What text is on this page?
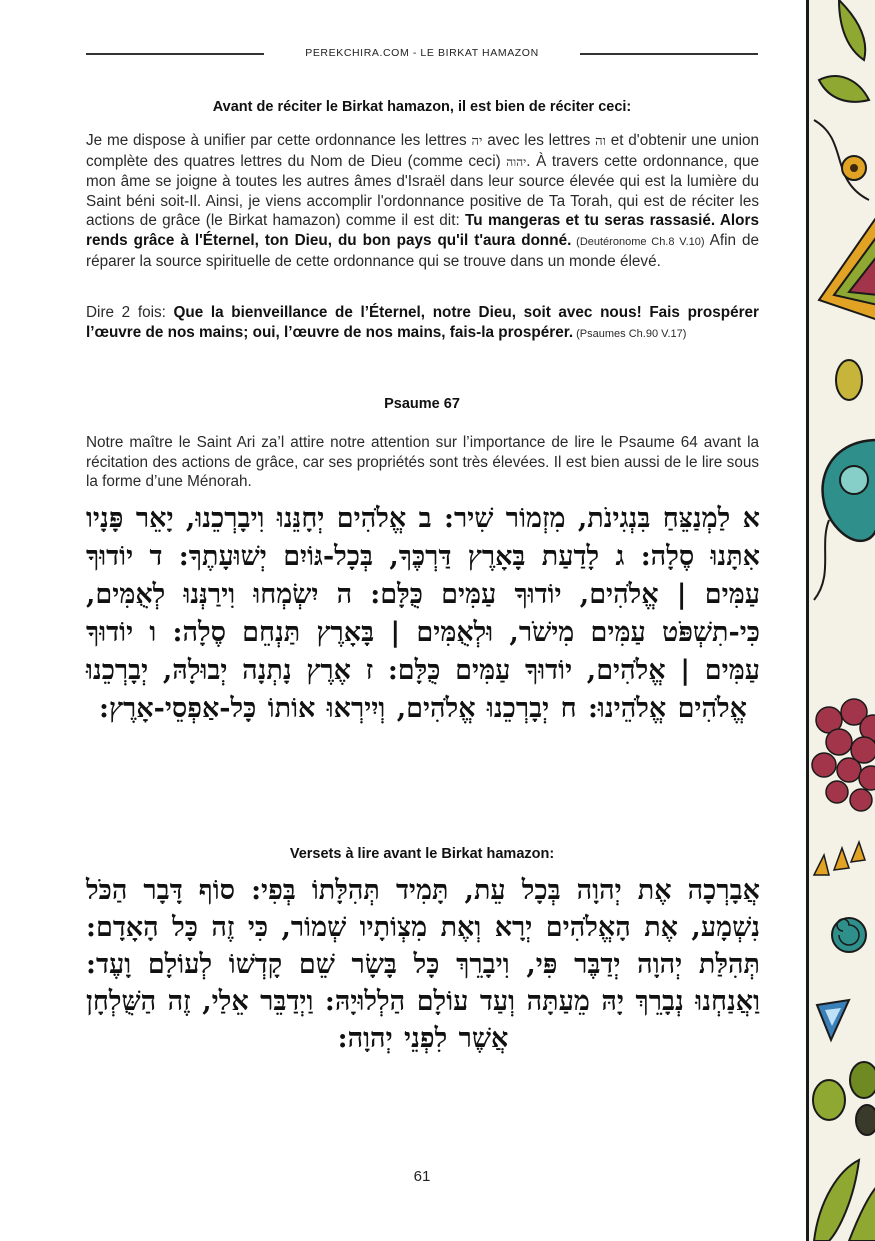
PEREKCHIRA.COM - LE BIRKAT HAMAZON
Avant de réciter le Birkat hamazon, il est bien de réciter ceci:
Je me dispose à unifier par cette ordonnance les lettres יה avec les lettres וה et d'obtenir une union complète des quatres lettres du Nom de Dieu (comme ceci) יהוה. À travers cette ordonnance, que mon âme se joigne à toutes les autres âmes d'Israël dans leur source élevée qui est la lumière du Saint béni soit-Il. Ainsi, je viens accomplir l'ordonnance positive de Ta Torah, qui est de réciter les actions de grâce (le Birkat hamazon) comme il est dit: Tu mangeras et tu seras rassasié. Alors rends grâce à l'Éternel, ton Dieu, du bon pays qu'il t'aura donné. (Deutéronome Ch.8 V.10) Afin de réparer la source spirituelle de cette ordonnance qui se trouve dans un monde élevé.
Dire 2 fois: Que la bienveillance de l’Éternel, notre Dieu, soit avec nous! Fais prospérer l’œuvre de nos mains; oui, l’œuvre de nos mains, fais-la prospérer. (Psaumes Ch.90 V.17)
Psaume 67
Notre maître le Saint Ari za’l attire notre attention sur l’importance de lire le Psaume 64 avant la récitation des actions de grâce, car ses propriétés sont très élevées. Il est bien aussi de le lire sous la forme d’une Ménorah.
א לַמְנַצֵּחַ בִּנְגִינֹת, מִזְמוֹר שִׁיר: ב אֱלֹהִים יְחָנֵּנוּ וִיבָרְכֵנוּ, יָאֵר פָּנָיו אִתָּנוּ סֶלָה: ג לָדַעַת בָּאָרֶץ דַּרְכֶּךָ, בְּכָל-גּוֹיִם יְשׁוּעָתֶךָ: ד יוֹדוּךָ עַמִּים | אֱלֹהִים, יוֹדוּךָ עַמִּים כֻּלָּם: ה יִשְׂמְחוּ וִירַנְּנוּ לְאֻמִּים, כִּי-תִשְׁפֹּט עַמִּים מִישֹׁר, וּלְאֻמִּים | בָּאָרֶץ תַּנְחֵם סֶלָה: ו יוֹדוּךָ עַמִּים | אֱלֹהִים, יוֹדוּךָ עַמִּים כֻּלָּם: ז אֶרֶץ נָתְנָה יְבוּלָהּ, יְבָרְכֵנוּ אֱלֹהִים אֱלֹהֵינוּ: ח יְבָרְכֵנוּ אֱלֹהִים, וְיִירְאוּ אוֹתוֹ כָּל-אַפְסֵי-אָרֶץ:
Versets à lire avant le Birkat hamazon:
אֲבָרְכָה אֶת יְהוָה בְּכָל עֵת, תָּמִיד תְּהִלָּתוֹ בְּפִי: סוֹף דָּבָר הַכֹּל נִשְׁמָע, אֶת הָאֱלֹהִים יְרָא וְאֶת מִצְוֹתָיו שְׁמוֹר, כִּי זֶה כָּל הָאָדָם: תְּהִלַּת יְהוָה יְדַבֶּר פִּי, וִיבָרֵךְ כָּל בָּשָׂר שֵׁם קָדְשׁוֹ לְעוֹלָם וָעֶד: וַאֲנַחְנוּ נְבָרֵךְ יָהּ מֵעַתָּה וְעַד עוֹלָם הַלְלוּיָהּ: וַיְדַבֵּר אֵלַי, זֶה הַשֻּׁלְחָן אֲשֶׁר לִפְנֵי יְהוָה:
61
